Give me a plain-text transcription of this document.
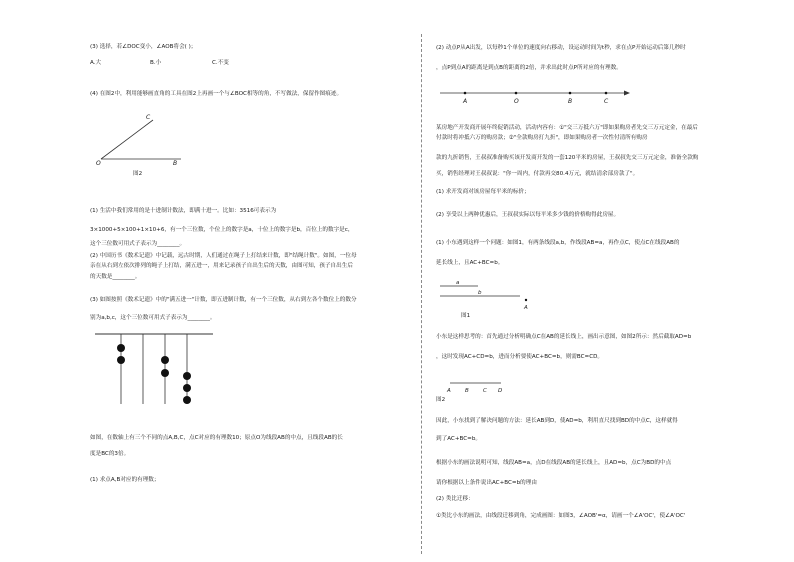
(3) 选择，若∠DOC变小，∠AOB将会( )；
A.大	B.小	C.不变
(4) 在图2中，利用能够画直角的工具在图2上再画一个与∠BOC相等的角，不写做法，保留作图痕迹。
C
O	B
图2
(1) 生活中我们常用的是十进制计数法，即满十进一。比如：3516可表示为
3×1000+5×100+1×10+6，有一个三位数，个位上的数字是a，十位上的数字是b，百位上的数字是c，
这个三位数可用式子表示为________。
(2) 中国历书《数术记遗》中记载，远古时期，人们通过在绳子上打结来计数，即"结绳计数"。如图，一位母
亲在从右到左依次排列的绳子上打结，满五进一，用来记录孩子自出生后的天数，由图可知，孩子自出生后
的天数是________。
(3) 如图按照《数术记遗》中的"满五进一"计数，即五进制计数，有一个三位数，从右到左各个数位上的数分
别为a,b,c，这个三位数可用式子表示为________。
如图，在数轴上有三个不同的点A,B,C，点C对应的有理数10；原点O为线段AB的中点，且线段AB的长
度是BC的3倍。
(1) 求点A,B对应的有理数；
(2) 动点P从A出发，以每秒1个单位的速度向右移动，设运动时间为t秒，求在点P开始运动后第几秒时
，点P到点A的距离是到点B的距离的2倍，并求出此时点P所对应的有理数。
A	O	B	C
某房地产开发商开展年终促销活动，活动内容有：①"交三万抵六万"即如果购房者先交三万元定金，在最后
付款时将冲抵六万的购房款；②"全款购房打九折"，即如果购房者一次性付清所有购房
款的九折销售，王叔叔准备购买该开发商开发的一套120平米的房屋，王叔叔先交三万元定金，准备全款购
买，销售经理对王叔叔说："你一周内，付款再交80.4万元，就结清余部房款了"。
(1) 求开发商对该房屋每平米的标价；
(2) 享受以上两种优惠后，王叔叔实际以每平米多少钱的价格购得此房屋。
(1) 小东遇到这样一个问题：如图1，有两条线段a,b，作线段AB=a，再作点C，使点C在线段AB的
延长线上，且AC+BC=b。
a
b
A
图1
小东是这样思考的：首先通过分析明确点C在AB的延长线上，画出示意图，如图2所示：然后截取AD=b
，这时发现AC+CD=b，进而分析要使AC+BC=b，则需BC=CD。
A	B	C D
图2
因此，小东找到了解决问题的方法：延长AB到D，使AD=b，利用直尺找到BD的中点C，这样就得
到了AC+BC=b。
根据小东的画法说明可知，线段AB=a，点D在线段AB的延长线上，且AD=b，点C为BD的中点
请你根据以上条件说出AC+BC=b的理由
(2) 类比迁移：
①类比小东的画法，由线段迁移到角，完成画图：如图3，∠AOB'=α，请画一个∠A'OC'，使∠A'OC'
